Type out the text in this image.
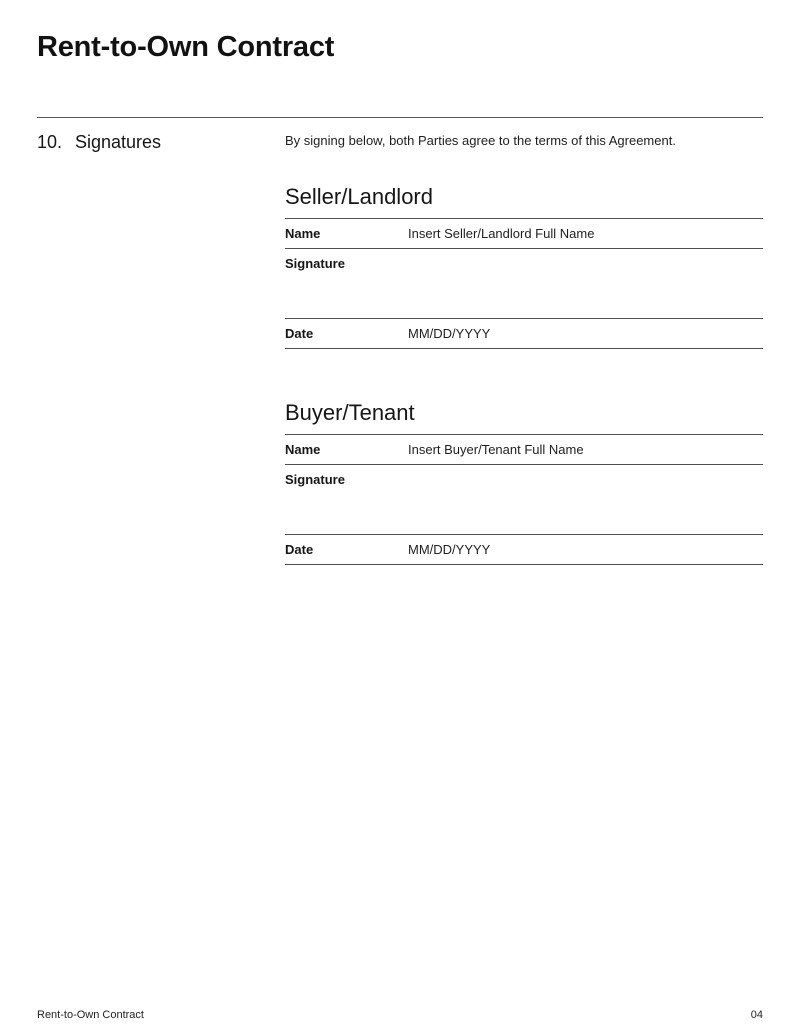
Rent-to-Own Contract
10. Signatures	By signing below, both Parties agree to the terms of this Agreement.

Seller/Landlord
Name	Insert Seller/Landlord Full Name
Signature	
Date	MM/DD/YYYY
Buyer/Tenant
Name	Insert Buyer/Tenant Full Name
Signature	
Date	MM/DD/YYYY
Rent-to-Own Contract	04
